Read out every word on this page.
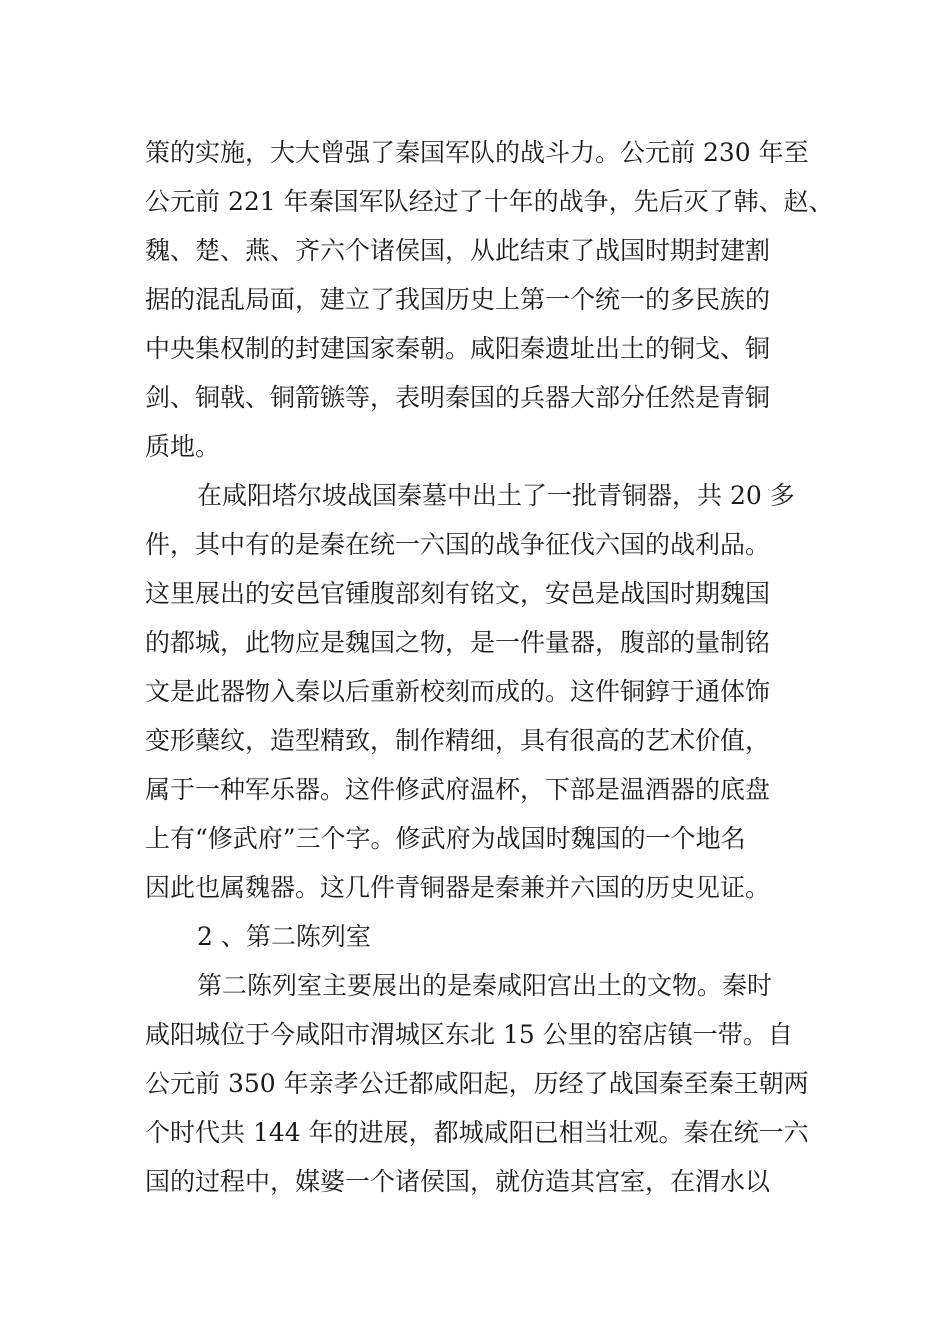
策的实施，大大曾强了秦国军队的战斗力。公元前 230 年至
公元前 221 年秦国军队经过了十年的战争，先后灭了韩、赵、
魏、楚、燕、齐六个诸侯国，从此结束了战国时期封建割
据的混乱局面，建立了我国历史上第一个统一的多民族的
中央集权制的封建国家秦朝。咸阳秦遗址出土的铜戈、铜
剑、铜戟、铜箭镞等，表明秦国的兵器大部分任然是青铜
质地。
在咸阳塔尔坡战国秦墓中出土了一批青铜器，共 20 多
件，其中有的是秦在统一六国的战争征伐六国的战利品。
这里展出的安邑官锺腹部刻有铭文，安邑是战国时期魏国
的都城，此物应是魏国之物，是一件量器，腹部的量制铭
文是此器物入秦以后重新校刻而成的。这件铜錞于通体饰
变形蘖纹，造型精致，制作精细，具有很高的艺术价值，
属于一种军乐器。这件修武府温杯，下部是温酒器的底盘
上有“修武府”三个字。修武府为战国时魏国的一个地名
因此也属魏器。这几件青铜器是秦兼并六国的历史见证。
2 、第二陈列室
第二陈列室主要展出的是秦咸阳宫出土的文物。秦时
咸阳城位于今咸阳市渭城区东北 15 公里的窑店镇一带。自
公元前 350 年亲孝公迁都咸阳起，历经了战国秦至秦王朝两
个时代共 144 年的进展，都城咸阳已相当壮观。秦在统一六
国的过程中，媒婆一个诸侯国，就仿造其宫室，在渭水以
